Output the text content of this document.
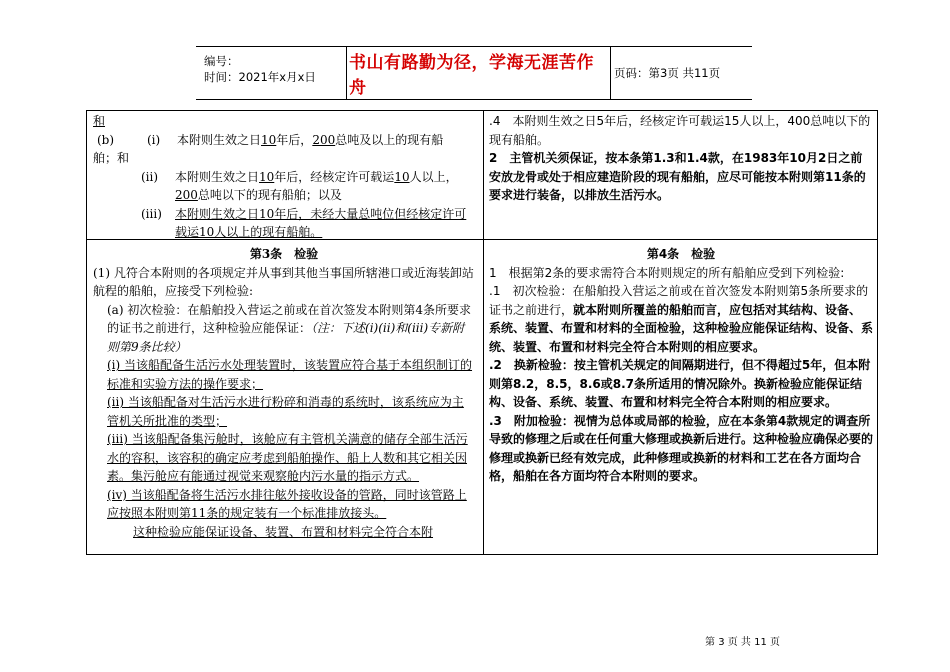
编号：
时间：2021年x月x日
书山有路勤为径，学海无涯苦作舟
页码：第3页 共11页
和
(b)	(i)	本附则生效之日10年后，200总吨及以上的现有船
舶；和
(ii)	本附则生效之日10年后，经核定许可载运10人以上，200总吨以下的现有船舶；以及
(iii)	本附则生效之日10年后，未经大量总吨位但经核定许可载运10人以上的现有船舶。
.4　本附则生效之日5年后，经核定许可载运15人以上，400总吨以下的现有船舶。
2　主管机关须保证，按本条第1.3和1.4款，在1983年10月2日之前安放龙骨或处于相应建造阶段的现有船舶，应尽可能按本附则第11条的要求进行装备，以排放生活污水。
第3条　检验
(1) 凡符合本附则的各项规定并从事到其他当事国所辖港口或近海装卸站航程的船舶，应接受下列检验:
(a) 初次检验：在船舶投入营运之前或在首次签发本附则第4条所要求的证书之前进行，这种检验应能保证：（注：下述(i)(ii)和(iii)专新附则第9条比较）
(i) 当该船配备生活污水处理装置时，该装置应符合基于本组织制订的标准和实验方法的操作要求；
(ii) 当该船配备对生活污水进行粉碎和消毒的系统时，该系统应为主管机关所批准的类型；
(iii) 当该船配备集污舱时，该舱应有主管机关满意的储存全部生活污水的容积，该容积的确定应考虑到船舶操作、船上人数和其它相关因素。集污舱应有能通过视觉来观察舱内污水量的指示方式。
(iv) 当该船配备将生活污水排往舷外接收设备的管路，同时该管路上应按照本附则第11条的规定装有一个标准排放接头。
这种检验应能保证设备、装置、布置和材料完全符合本附
第4条　检验
1　根据第2条的要求需符合本附则规定的所有船舶应受到下列检验:
.1　初次检验：在船舶投入营运之前或在首次签发本附则第5条所要求的证书之前进行，就本附则所覆盖的船舶而言，应包括对其结构、设备、系统、装置、布置和材料的全面检验，这种检验应能保证结构、设备、系统、装置、布置和材料完全符合本附则的相应要求。
.2　换新检验：按主管机关规定的间隔期进行，但不得超过5年，但本附则第8.2，8.5，8.6或8.7条所适用的情况除外。换新检验应能保证结构、设备、系统、装置、布置和材料完全符合本附则的相应要求。
.3　附加检验：视情为总体或局部的检验，应在本条第4款规定的调查所导致的修理之后或在任何重大修理或换新后进行。这种检验应确保必要的修理或换新已经有效完成，此种修理或换新的材料和工艺在各方面均合格，船舶在各方面均符合本附则的要求。
第 3 页 共 11 页
